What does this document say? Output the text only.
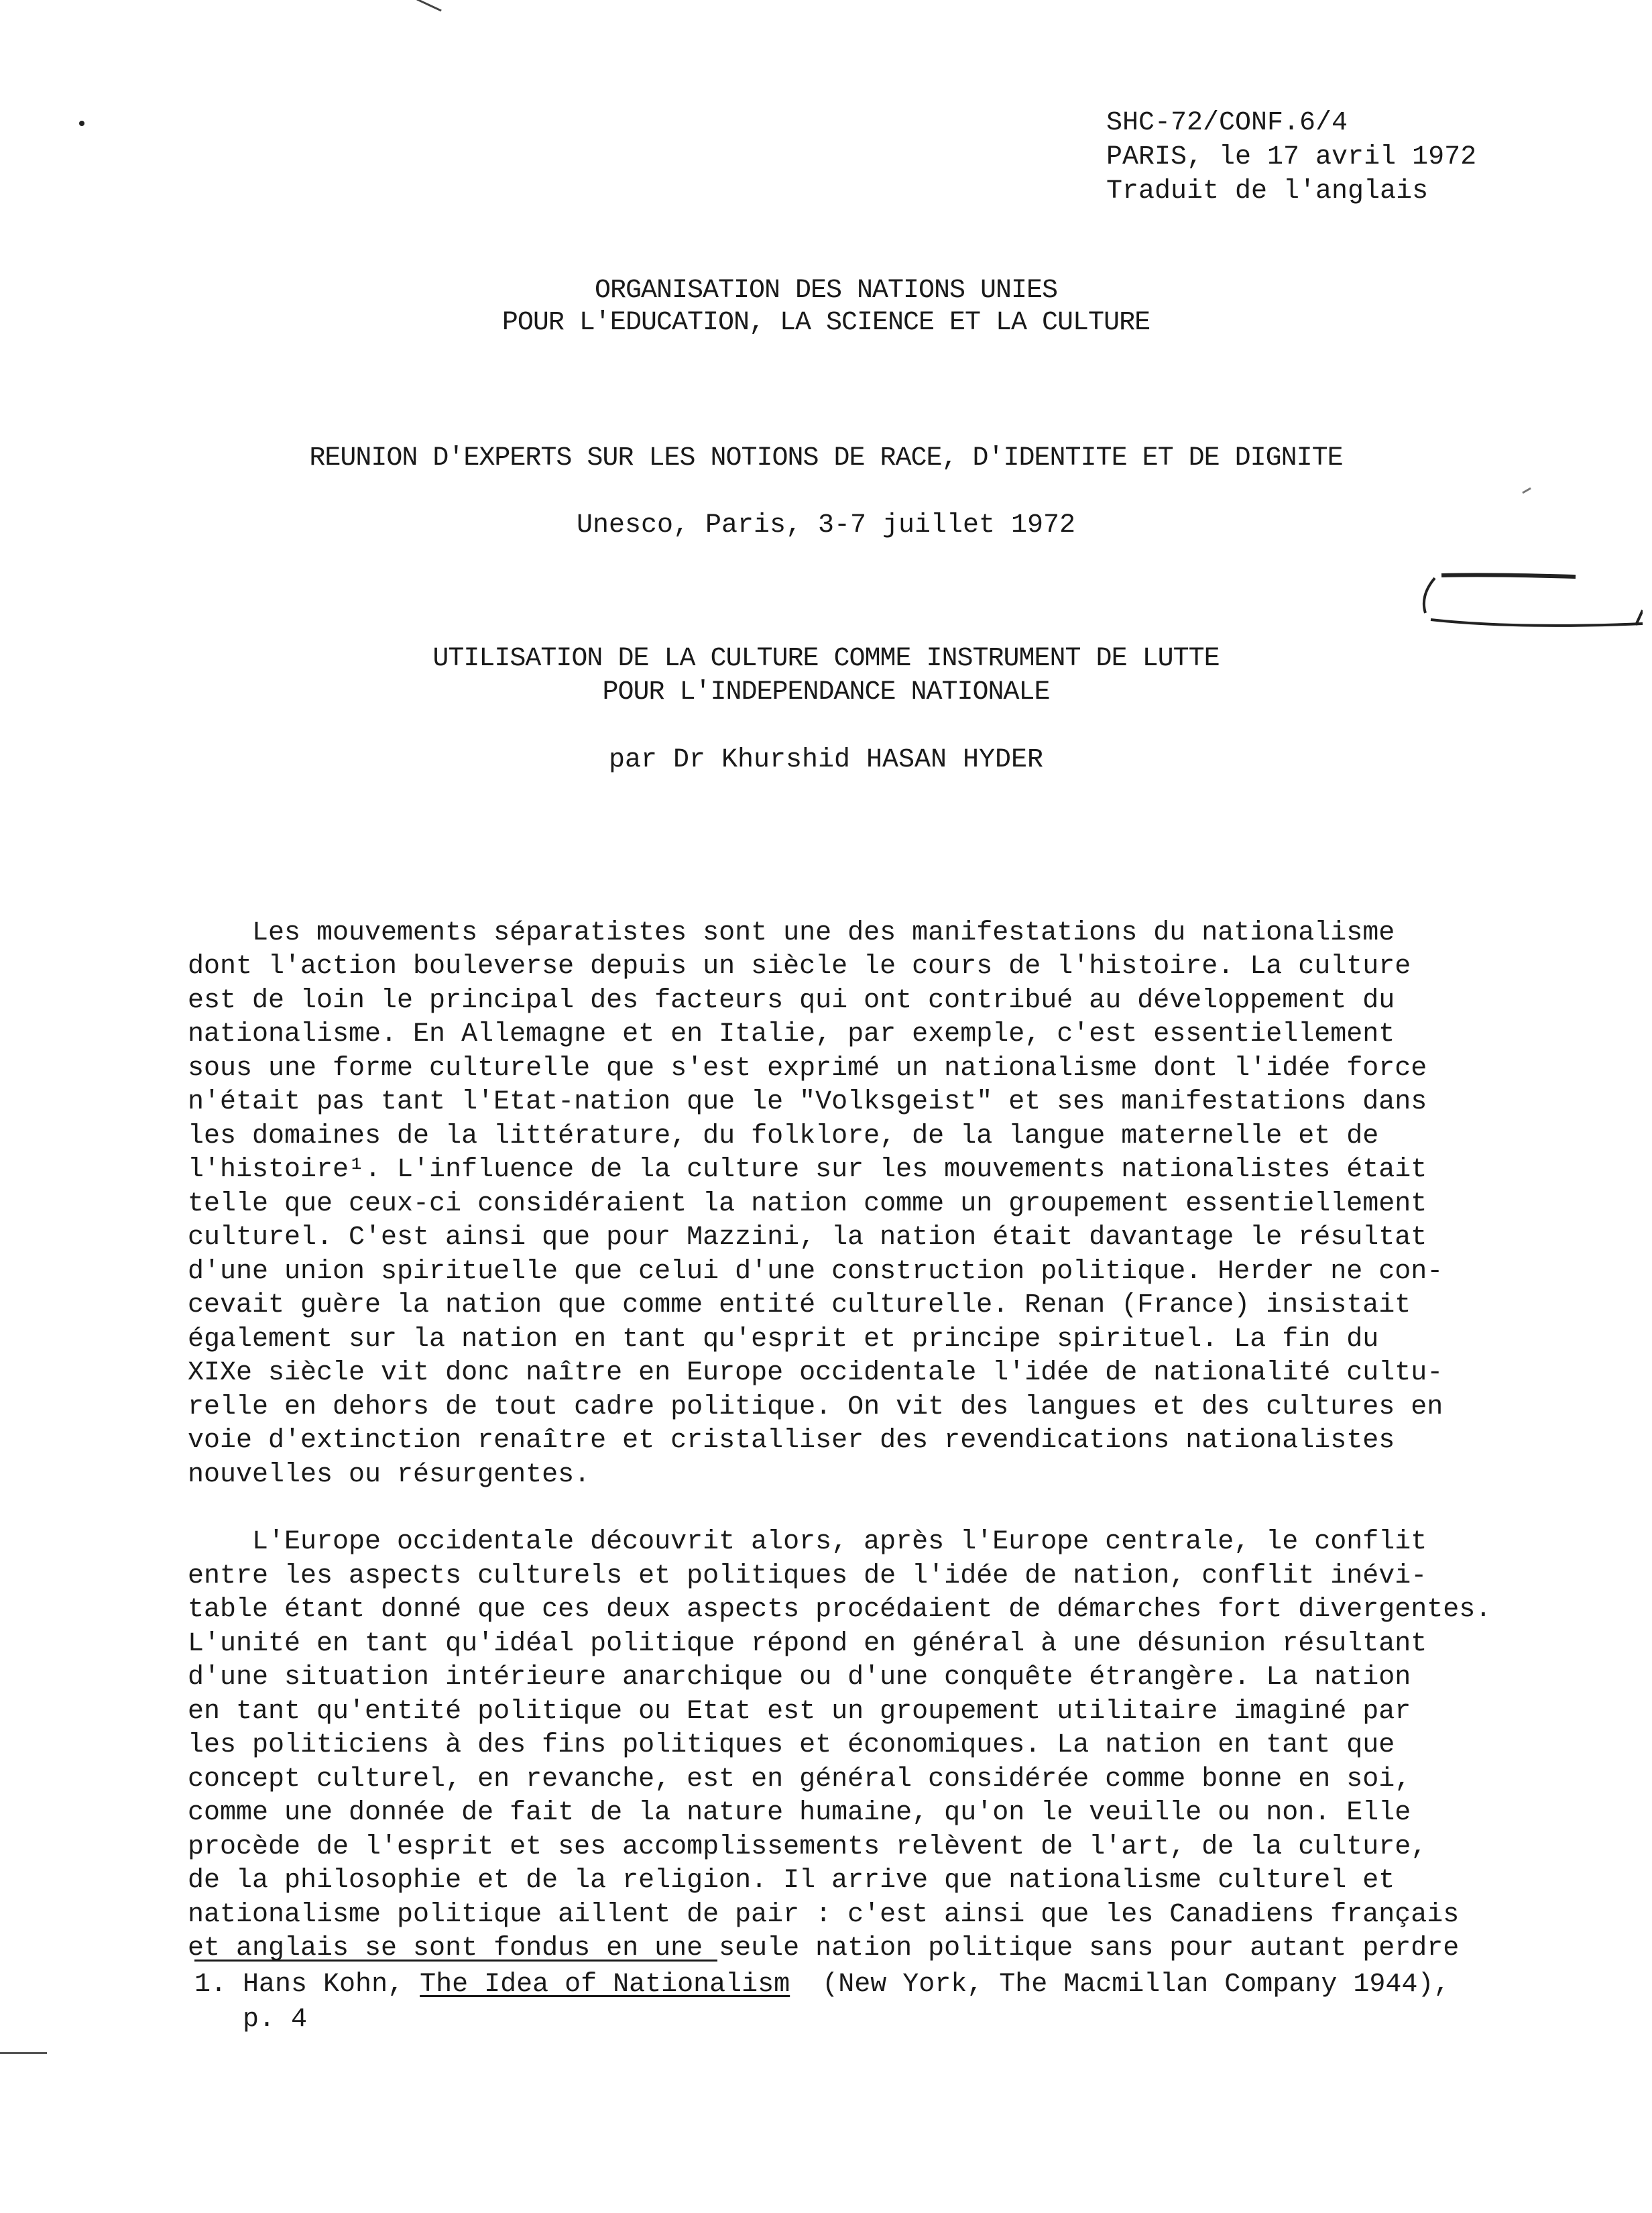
SHC-72/CONF.6/4
PARIS, le 17 avril 1972
Traduit de l'anglais
ORGANISATION DES NATIONS UNIES
POUR L'EDUCATION, LA SCIENCE ET LA CULTURE
REUNION D'EXPERTS SUR LES NOTIONS DE RACE, D'IDENTITE ET DE DIGNITE
Unesco, Paris, 3-7 juillet 1972
UTILISATION DE LA CULTURE COMME INSTRUMENT DE LUTTE
POUR L'INDEPENDANCE NATIONALE
par Dr Khurshid HASAN HYDER

Les mouvements séparatistes sont une des manifestations du nationalisme
dont l'action bouleverse depuis un siècle le cours de l'histoire. La culture
est de loin le principal des facteurs qui ont contribué au développement du
nationalisme. En Allemagne et en Italie, par exemple, c'est essentiellement
sous une forme culturelle que s'est exprimé un nationalisme dont l'idée force
n'était pas tant l'Etat-nation que le "Volksgeist" et ses manifestations dans
les domaines de la littérature, du folklore, de la langue maternelle et de
l'histoire¹. L'influence de la culture sur les mouvements nationalistes était
telle que ceux-ci considéraient la nation comme un groupement essentiellement
culturel. C'est ainsi que pour Mazzini, la nation était davantage le résultat
d'une union spirituelle que celui d'une construction politique. Herder ne con-
cevait guère la nation que comme entité culturelle. Renan (France) insistait
également sur la nation en tant qu'esprit et principe spirituel. La fin du
XIXe siècle vit donc naître en Europe occidentale l'idée de nationalité cultu-
relle en dehors de tout cadre politique. On vit des langues et des cultures en
voie d'extinction renaître et cristalliser des revendications nationalistes
nouvelles ou résurgentes.

L'Europe occidentale découvrit alors, après l'Europe centrale, le conflit
entre les aspects culturels et politiques de l'idée de nation, conflit inévi-
table étant donné que ces deux aspects procédaient de démarches fort divergentes.
L'unité en tant qu'idéal politique répond en général à une désunion résultant
d'une situation intérieure anarchique ou d'une conquête étrangère. La nation
en tant qu'entité politique ou Etat est un groupement utilitaire imaginé par
les politiciens à des fins politiques et économiques. La nation en tant que
concept culturel, en revanche, est en général considérée comme bonne en soi,
comme une donnée de fait de la nature humaine, qu'on le veuille ou non. Elle
procède de l'esprit et ses accomplissements relèvent de l'art, de la culture,
de la philosophie et de la religion. Il arrive que nationalisme culturel et
nationalisme politique aillent de pair : c'est ainsi que les Canadiens français
et anglais se sont fondus en une seule nation politique sans pour autant perdre

1. Hans Kohn, The Idea of Nationalism (New York, The Macmillan Company 1944),
p. 4
